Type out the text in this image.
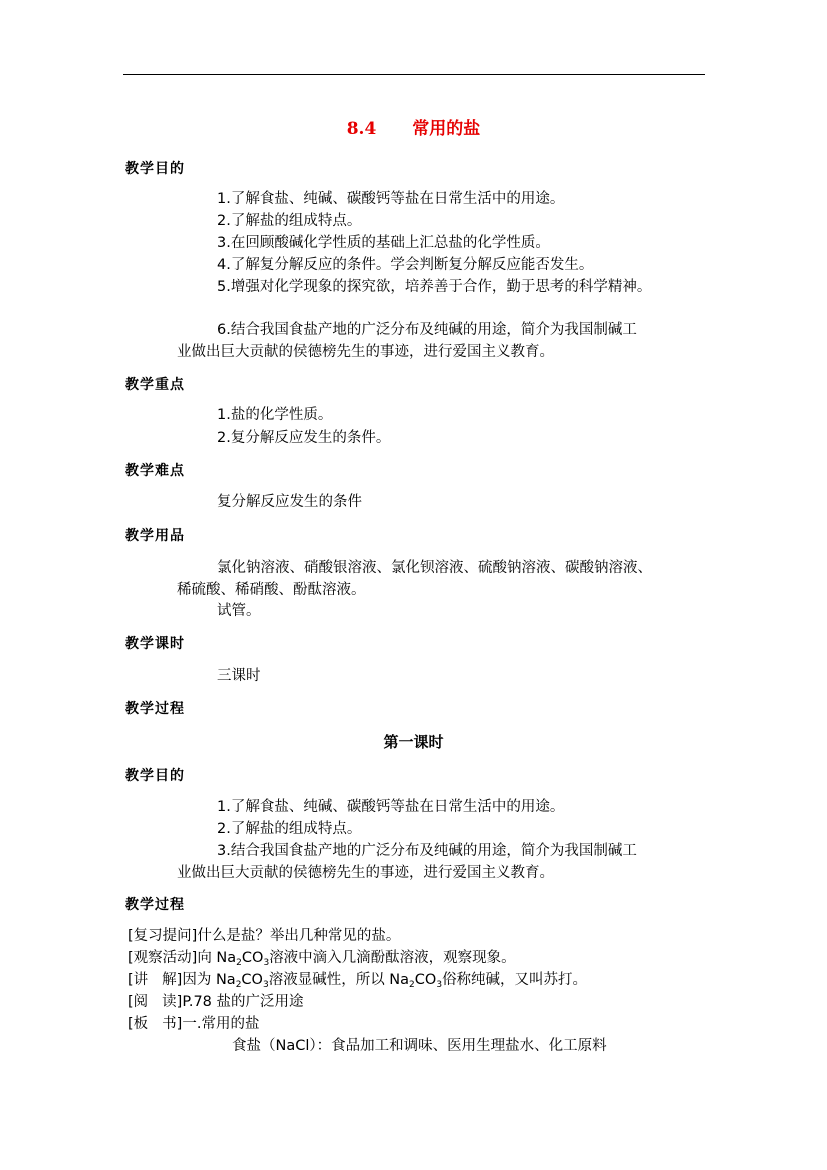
8.4 常用的盐
教学目的
1.了解食盐、纯碱、碳酸钙等盐在日常生活中的用途。
2.了解盐的组成特点。
3.在回顾酸碱化学性质的基础上汇总盐的化学性质。
4.了解复分解反应的条件。学会判断复分解反应能否发生。
5.增强对化学现象的探究欲，培养善于合作，勤于思考的科学精神。
6.结合我国食盐产地的广泛分布及纯碱的用途，简介为我国制碱工
业做出巨大贡献的侯德榜先生的事迹，进行爱国主义教育。
教学重点
1.盐的化学性质。
2.复分解反应发生的条件。
教学难点
复分解反应发生的条件
教学用品
氯化钠溶液、硝酸银溶液、氯化钡溶液、硫酸钠溶液、碳酸钠溶液、
稀硫酸、稀硝酸、酚酞溶液。
试管。
教学课时
三课时
教学过程
第一课时
教学目的
1.了解食盐、纯碱、碳酸钙等盐在日常生活中的用途。
2.了解盐的组成特点。
3.结合我国食盐产地的广泛分布及纯碱的用途，简介为我国制碱工
业做出巨大贡献的侯德榜先生的事迹，进行爱国主义教育。
教学过程
[复习提问]什么是盐？举出几种常见的盐。
[观察活动]向 $Na_2CO_3$溶液中滴入几滴酚酞溶液，观察现象。
[讲 解]因为 $Na_2CO_3$溶液显碱性，所以 $Na_2CO_3$俗称纯碱，又叫苏打。
[阅 读]P.78 盐的广泛用途
[板 书]一.常用的盐
食盐（NaCl）：食品加工和调味、医用生理盐水、化工原料
